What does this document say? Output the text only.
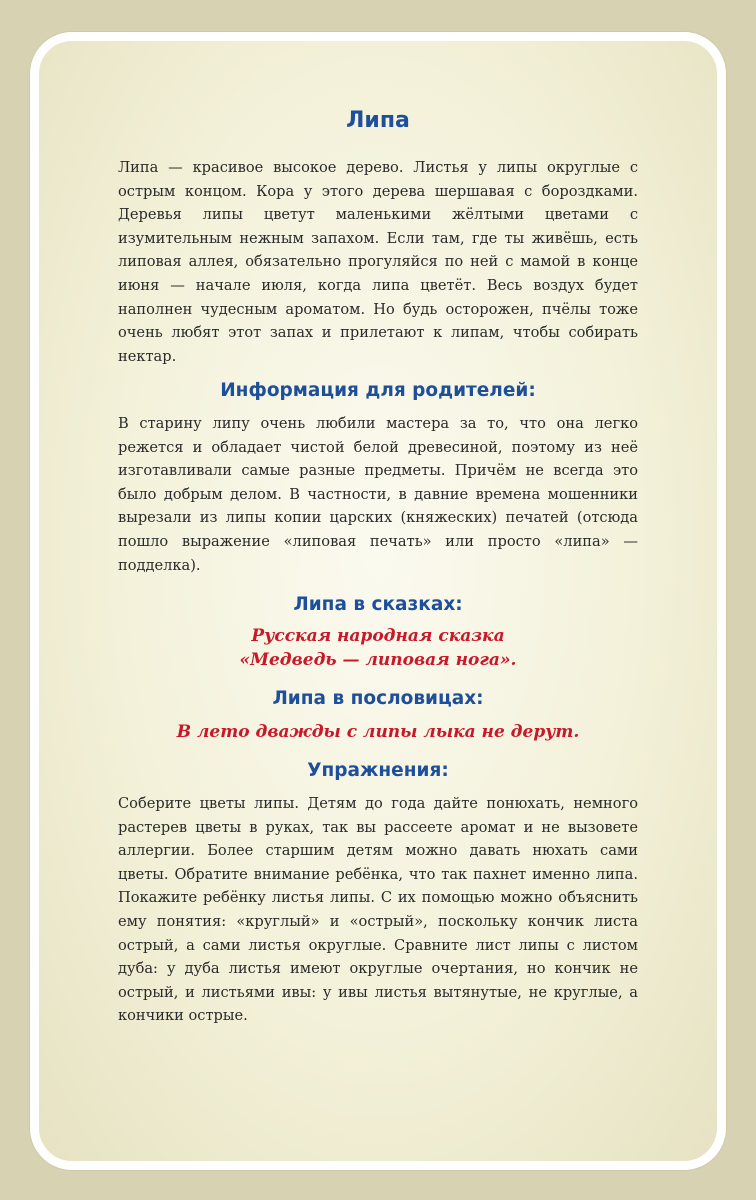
Липа

Липа — красивое высокое дерево. Листья у липы округлые с острым концом. Кора у этого дерева шершавая с бороздками. Деревья липы цветут маленькими жёлтыми цветами с изумительным нежным запахом. Если там, где ты живёшь, есть липовая аллея, обязательно прогуляйся по ней с мамой в конце июня — начале июля, когда липа цветёт. Весь воздух будет наполнен чудесным ароматом. Но будь осторожен, пчёлы тоже очень любят этот запах и прилетают к липам, чтобы собирать нектар.

Информация для родителей:

В старину липу очень любили мастера за то, что она легко режется и обладает чистой белой древесиной, поэтому из неё изготавливали самые разные предметы. Причём не всегда это было добрым делом. В частности, в давние времена мошенники вырезали из липы копии царских (княжеских) печатей (отсюда пошло выражение «липовая печать» или просто «липа» — подделка).

Липа в сказках:
Русская народная сказка
«Медведь — липовая нога».
Липа в пословицах:
В лето дважды с липы лыка не дерут.
Упражнения:

Соберите цветы липы. Детям до года дайте понюхать, немного растерев цветы в руках, так вы рассеете аромат и не вызовете аллергии. Более старшим детям можно давать нюхать сами цветы. Обратите внимание ребёнка, что так пахнет именно липа. Покажите ребёнку листья липы. С их помощью можно объяснить ему понятия: «круглый» и «острый», поскольку кончик листа острый, а сами листья округлые. Сравните лист липы с листом дуба: у дуба листья имеют округлые очертания, но кончик не острый, и листьями ивы: у ивы листья вытянутые, не круглые, а кончики острые.
